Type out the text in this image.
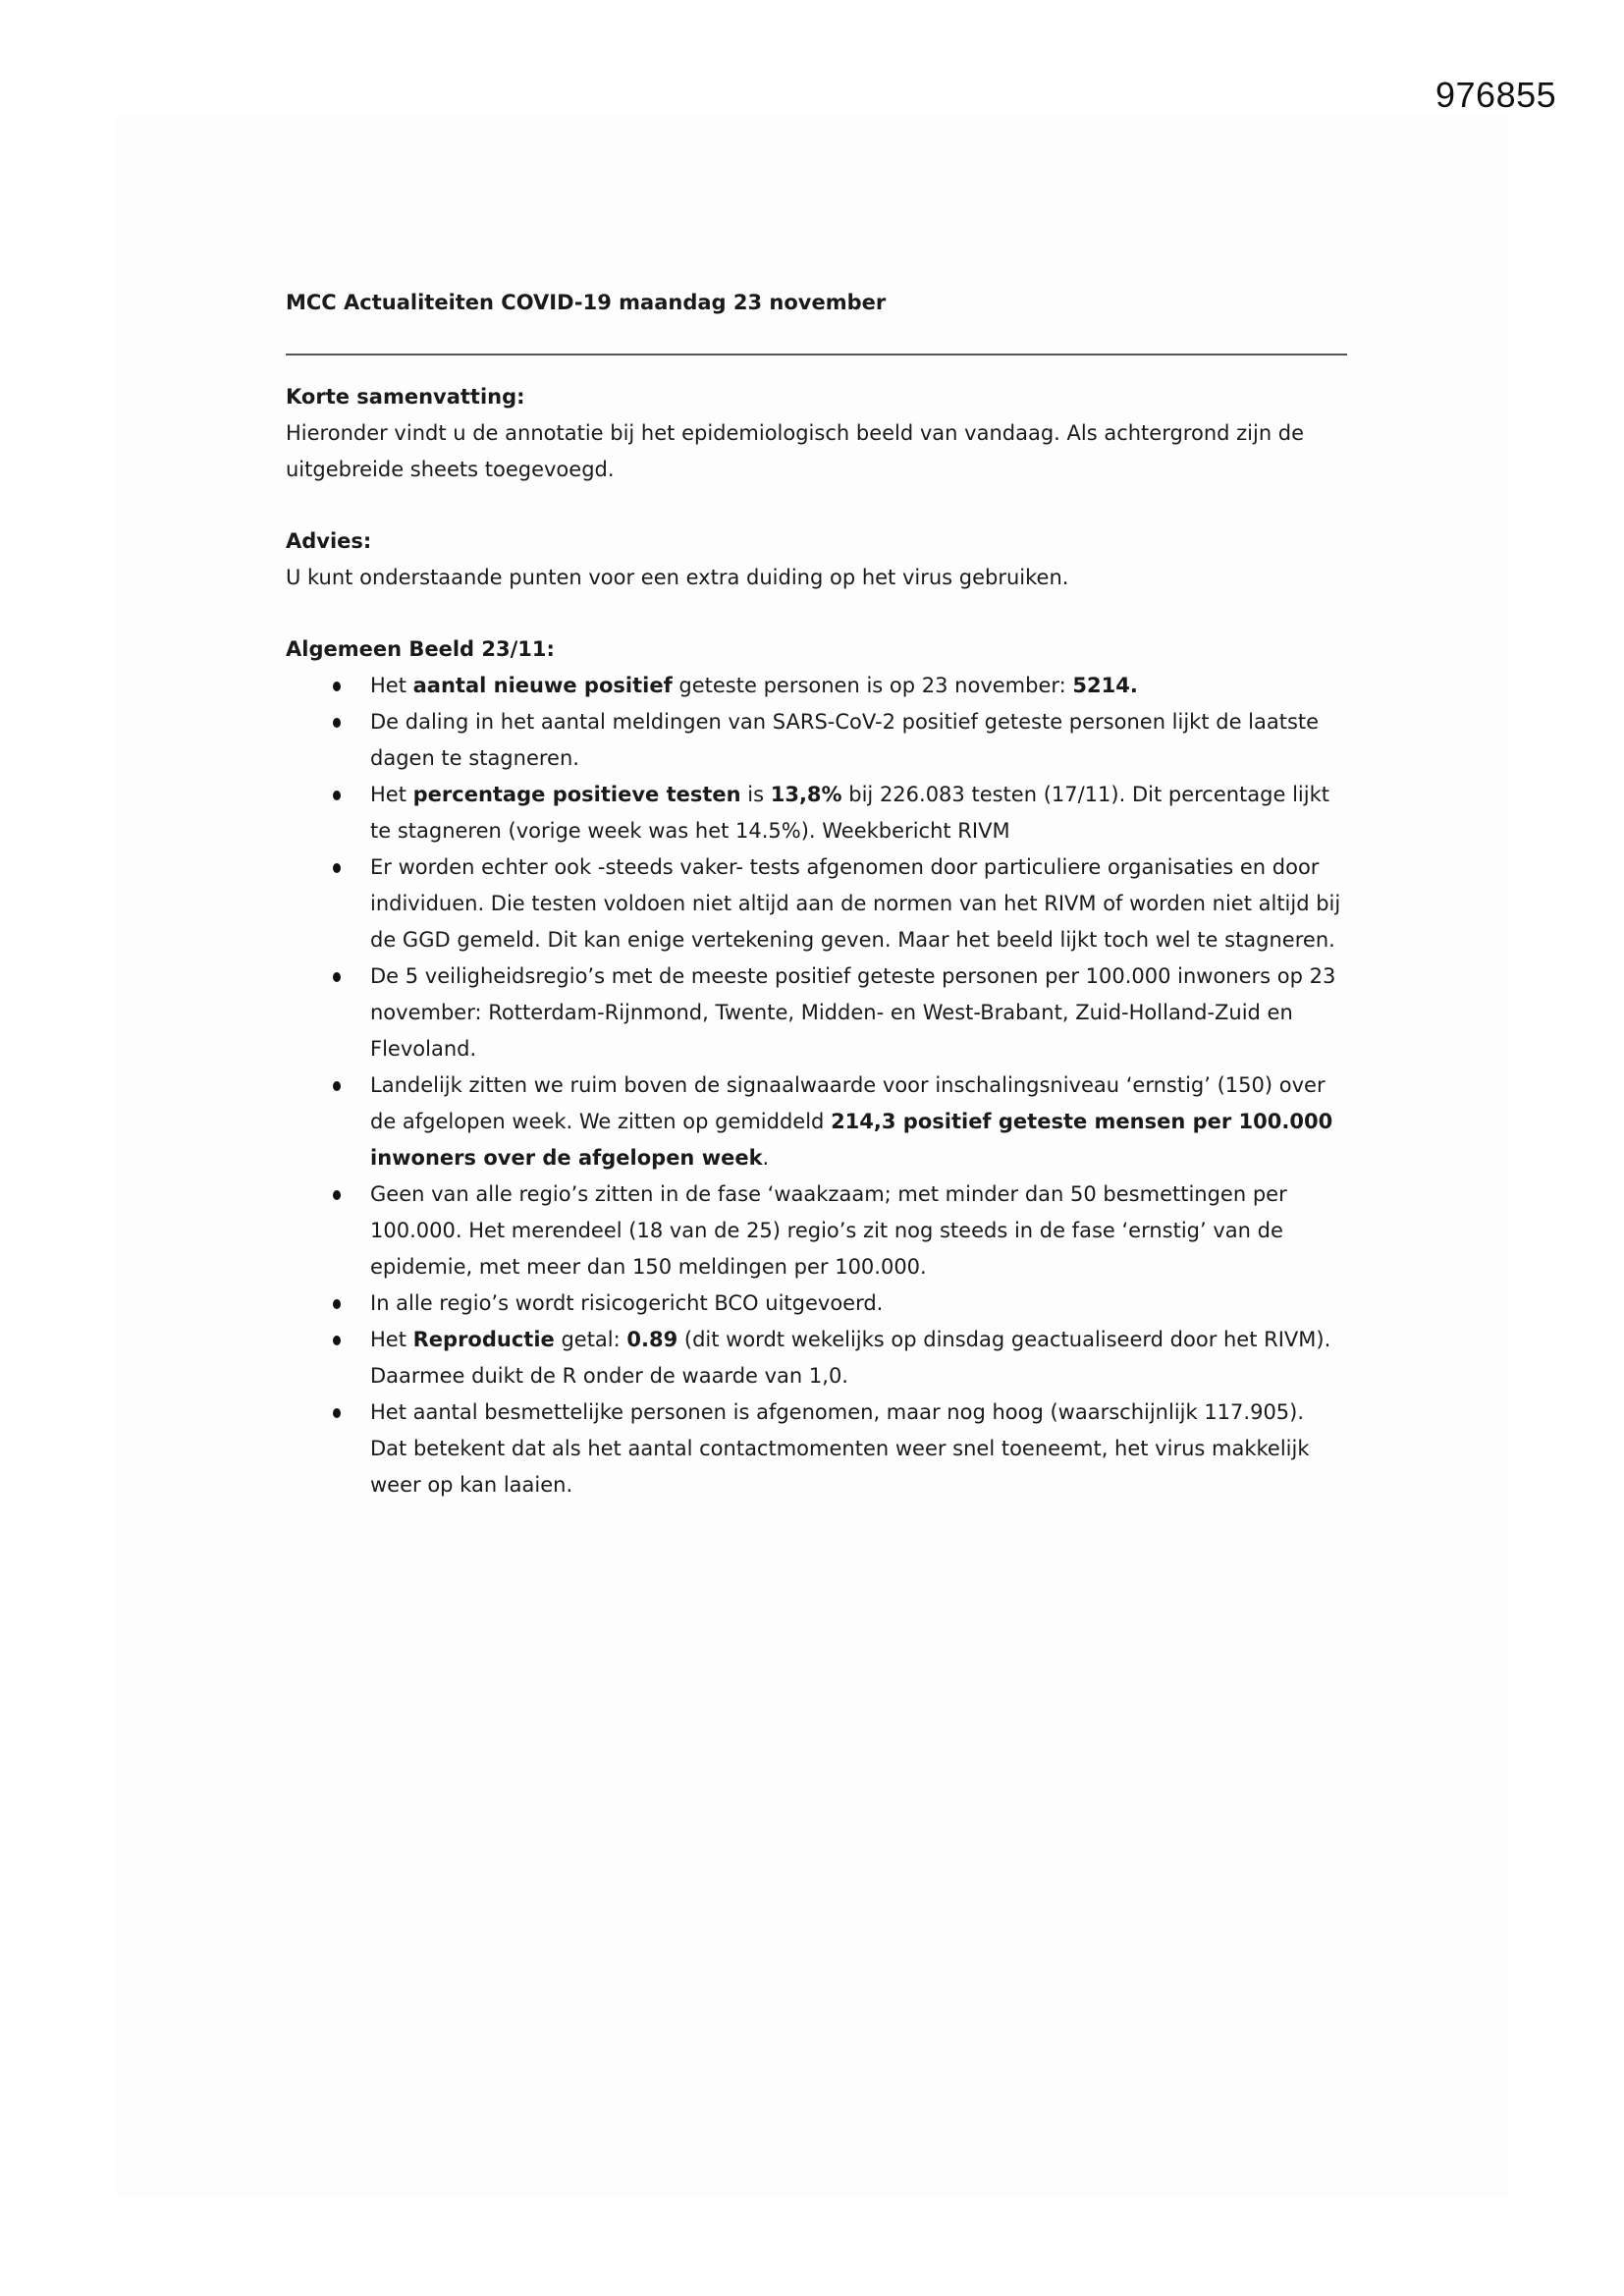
976855

MCC Actualiteiten COVID-19 maandag 23 november

Korte samenvatting:

Hieronder vindt u de annotatie bij het epidemiologisch beeld van vandaag. Als achtergrond zijn de uitgebreide sheets toegevoegd.

Advies:

U kunt onderstaande punten voor een extra duiding op het virus gebruiken.

Algemeen Beeld 23/11:

Het aantal nieuwe positief geteste personen is op 23 november: 5214.
De daling in het aantal meldingen van SARS-CoV-2 positief geteste personen lijkt de laatste dagen te stagneren.
Het percentage positieve testen is 13,8% bij 226.083 testen (17/11). Dit percentage lijkt te stagneren (vorige week was het 14.5%). Weekbericht RIVM
Er worden echter ook -steeds vaker- tests afgenomen door particuliere organisaties en door individuen. Die testen voldoen niet altijd aan de normen van het RIVM of worden niet altijd bij de GGD gemeld. Dit kan enige vertekening geven. Maar het beeld lijkt toch wel te stagneren.
De 5 veiligheidsregio’s met de meeste positief geteste personen per 100.000 inwoners op 23 november: Rotterdam-Rijnmond, Twente, Midden- en West-Brabant, Zuid-Holland-Zuid en Flevoland.
Landelijk zitten we ruim boven de signaalwaarde voor inschalingsniveau ‘ernstig’ (150) over de afgelopen week. We zitten op gemiddeld 214,3 positief geteste mensen per 100.000 inwoners over de afgelopen week.
Geen van alle regio’s zitten in de fase ‘waakzaam; met minder dan 50 besmettingen per 100.000. Het merendeel (18 van de 25) regio’s zit nog steeds in de fase ‘ernstig’ van de epidemie, met meer dan 150 meldingen per 100.000.
In alle regio’s wordt risicogericht BCO uitgevoerd.
Het Reproductie getal: 0.89 (dit wordt wekelijks op dinsdag geactualiseerd door het RIVM). Daarmee duikt de R onder de waarde van 1,0.
Het aantal besmettelijke personen is afgenomen, maar nog hoog (waarschijnlijk 117.905). Dat betekent dat als het aantal contactmomenten weer snel toeneemt, het virus makkelijk weer op kan laaien.
